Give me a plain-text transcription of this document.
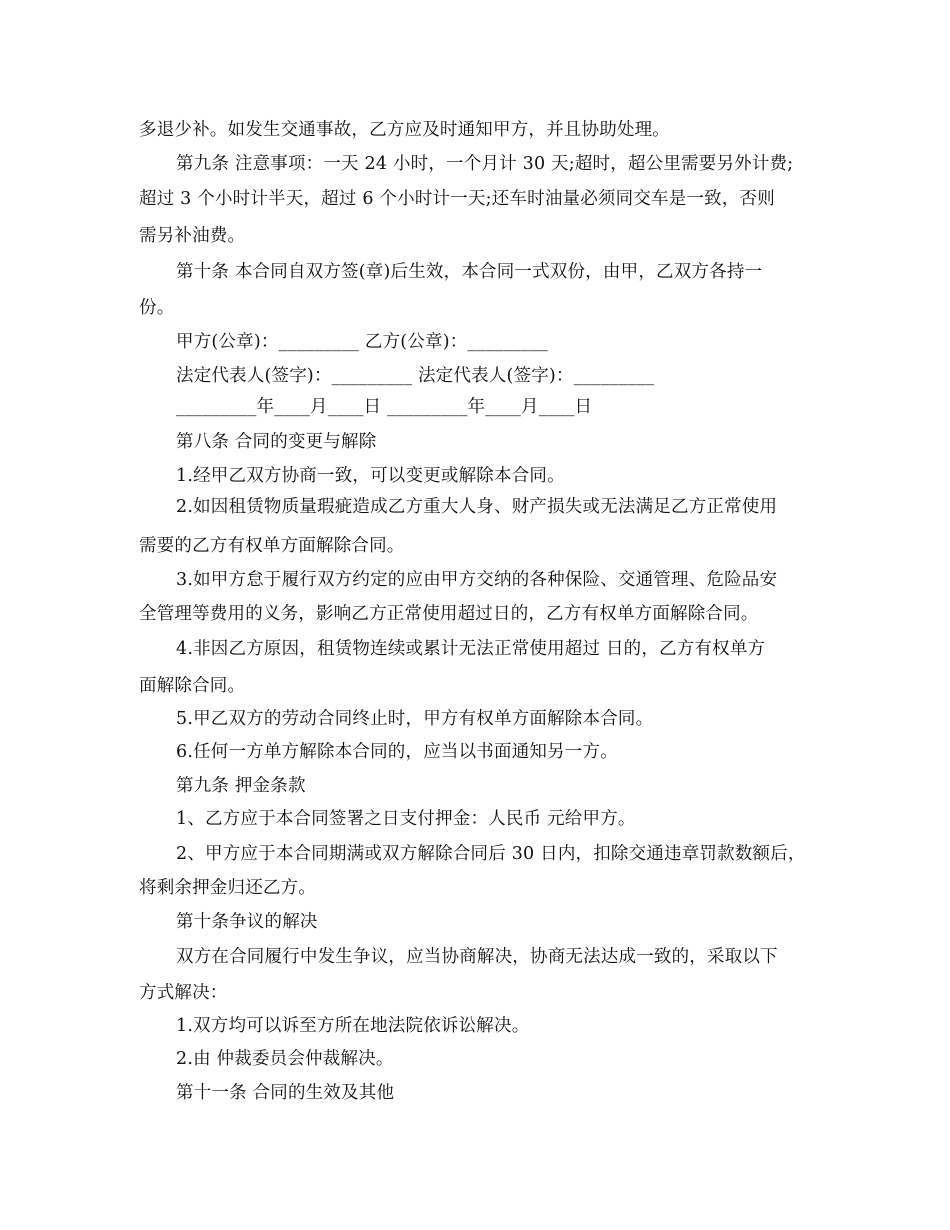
多退少补。如发生交通事故，乙方应及时通知甲方，并且协助处理。
第九条 注意事项：一天 24 小时，一个月计 30 天;超时，超公里需要另外计费;
超过 3 个小时计半天，超过 6 个小时计一天;还车时油量必须同交车是一致，否则
需另补油费。
第十条 本合同自双方签(章)后生效，本合同一式双份，由甲，乙双方各持一
份。
甲方(公章)：_________ 乙方(公章)：_________
法定代表人(签字)：_________ 法定代表人(签字)：_________
_________年____月____日 _________年____月____日
第八条 合同的变更与解除
1.经甲乙双方协商一致，可以变更或解除本合同。
2.如因租赁物质量瑕疵造成乙方重大人身、财产损失或无法满足乙方正常使用
需要的乙方有权单方面解除合同。
3.如甲方怠于履行双方约定的应由甲方交纳的各种保险、交通管理、危险品安
全管理等费用的义务，影响乙方正常使用超过日的，乙方有权单方面解除合同。
4.非因乙方原因，租赁物连续或累计无法正常使用超过 日的，乙方有权单方
面解除合同。
5.甲乙双方的劳动合同终止时，甲方有权单方面解除本合同。
6.任何一方单方解除本合同的，应当以书面通知另一方。
第九条 押金条款
1、乙方应于本合同签署之日支付押金：人民币 元给甲方。
2、甲方应于本合同期满或双方解除合同后 30 日内，扣除交通违章罚款数额后，
将剩余押金归还乙方。
第十条争议的解决
双方在合同履行中发生争议，应当协商解决，协商无法达成一致的，采取以下
方式解决：
1.双方均可以诉至方所在地法院依诉讼解决。
2.由 仲裁委员会仲裁解决。
第十一条 合同的生效及其他
